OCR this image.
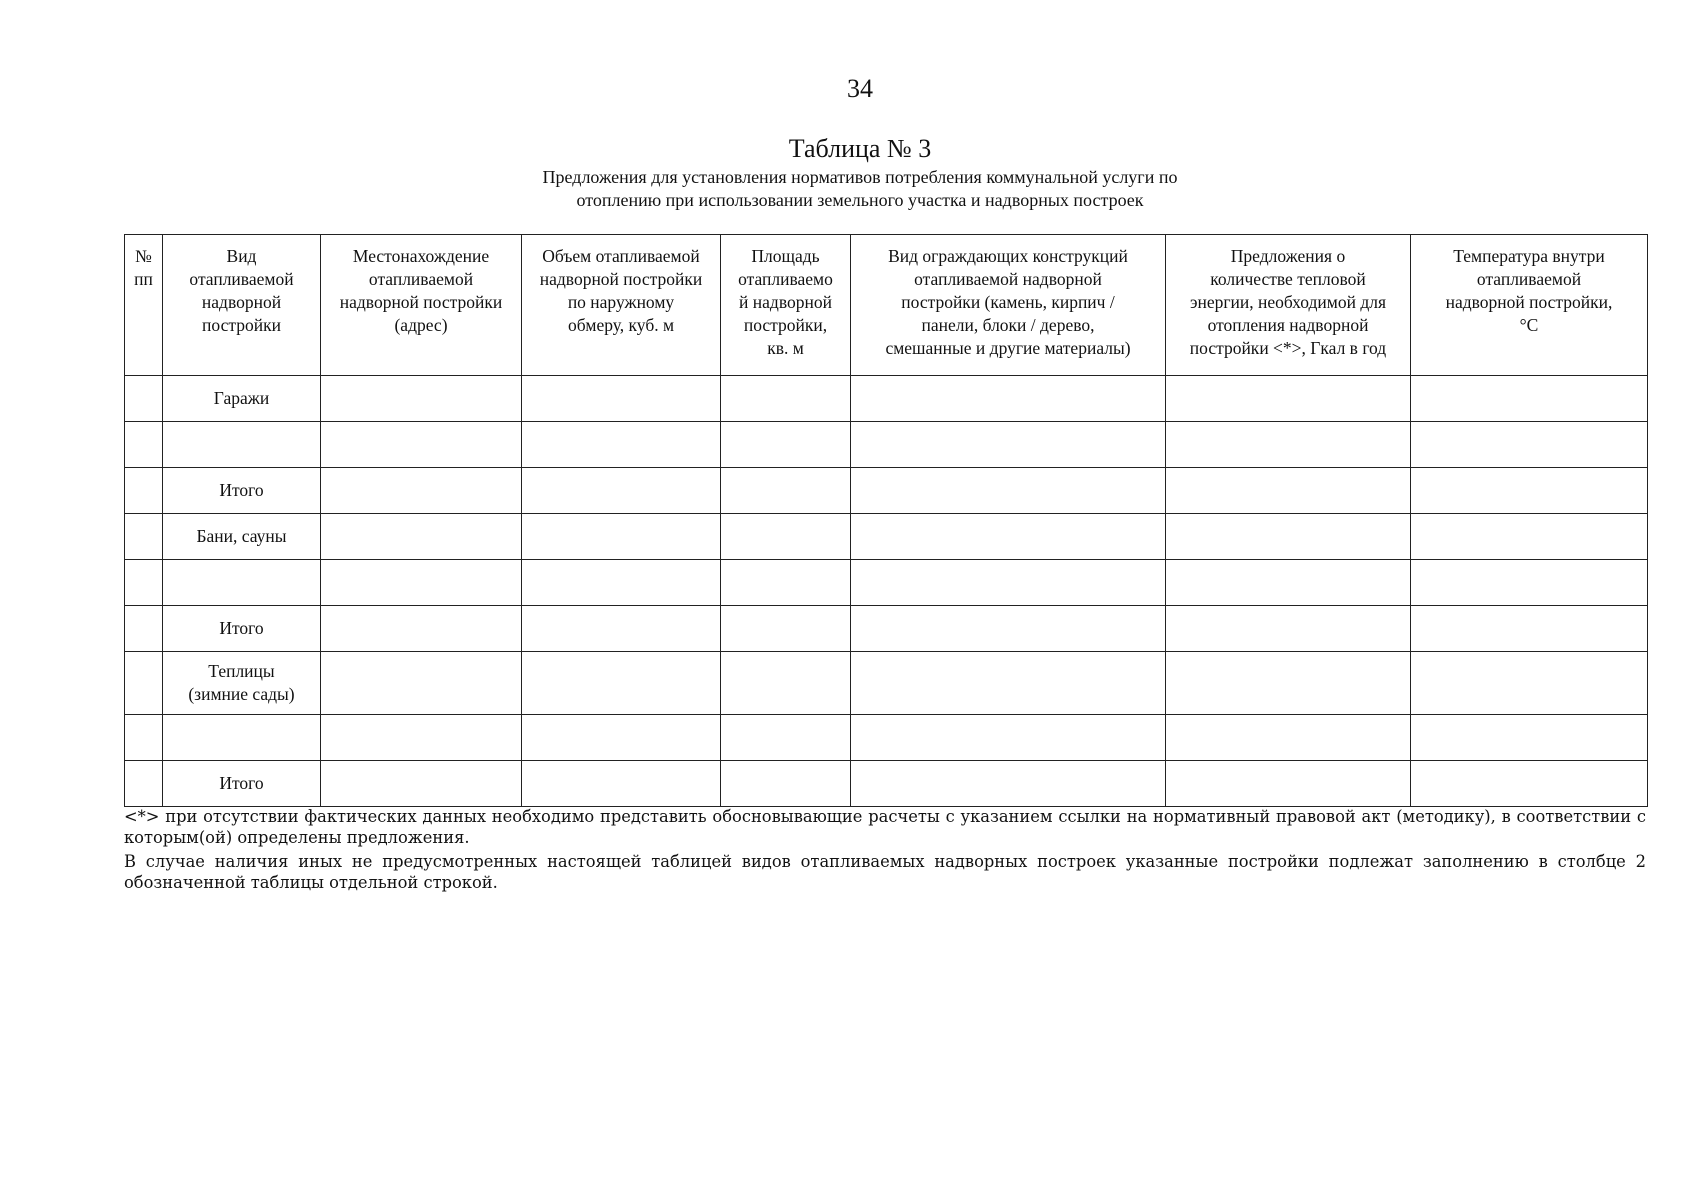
34
Таблица № 3
Предложения для установления нормативов потребления коммунальной услуги по
отоплению при использовании земельного участка и надворных построек
№
пп	Вид
отапливаемой
надворной
постройки	Местонахождение
отапливаемой
надворной постройки
(адрес)	Объем отапливаемой
надворной постройки
по наружному
обмеру, куб. м	Площадь
отапливаемо
й надворной
постройки,
кв. м	Вид ограждающих конструкций
отапливаемой надворной
постройки (камень, кирпич /
панели, блоки / дерево,
смешанные и другие материалы)	Предложения о
количестве тепловой
энергии, необходимой для
отопления надворной
постройки <*>, Гкал в год	Температура внутри
отапливаемой
надворной постройки,
°С

	Гаражи						

	Итого						
	Бани, сауны						

	Итого						
	Теплицы
(зимние сады)						

	Итого						

<*> при отсутствии фактических данных необходимо представить обосновывающие расчеты с указанием ссылки на нормативный правовой акт (методику), в соответствии с которым(ой) определены предложения.

В случае наличия иных не предусмотренных настоящей таблицей видов отапливаемых надворных построек указанные постройки подлежат заполнению в столбце 2 обозначенной таблицы отдельной строкой.
